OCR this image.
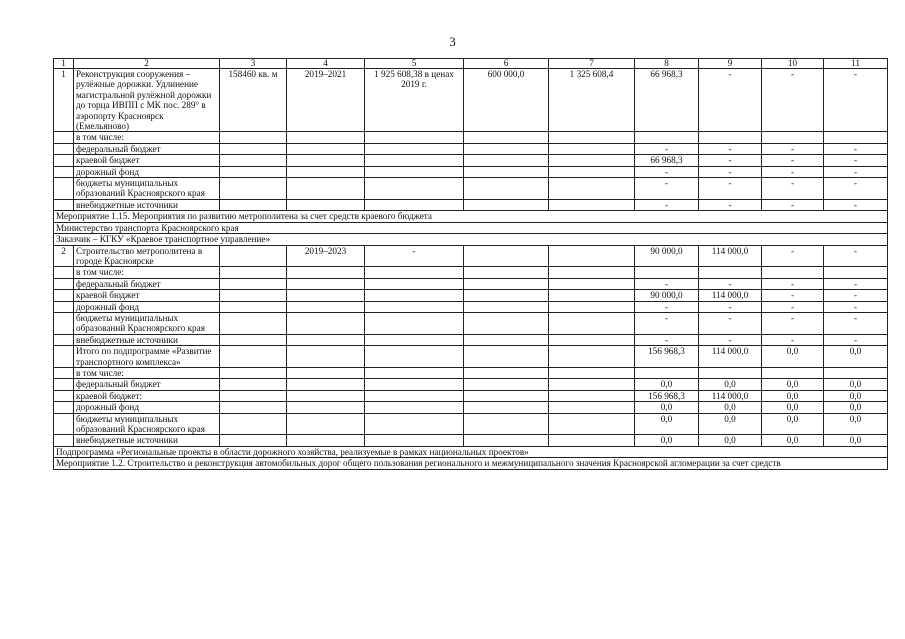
3
1	2	3	4	5	6	7	8	9	10	11
1	Реконструкция сооружения – рулёжные дорожки. Удлинение магистральной рулёжной дорожки до торца ИВПП с МК пос. 289° в аэропорту Красноярск (Емельяново)	158460 кв. м	2019–2021	1 925 608,38 в ценах 2019 г.	600 000,0	1 325 608,4	66 968,3	-	-	-
	в том числе:									
	федеральный бюджет						-	-	-	-
	краевой бюджет						66 968,3	-	-	-
	дорожный фонд						-	-	-	-
	бюджеты муниципальных образований Красноярского края						-	-	-	-
	внебюджетные источники						-	-	-	-
Мероприятие 1.15. Мероприятия по развитию метрополитена за счет средств краевого бюджета										
Министерство транспорта Красноярского края										
Заказчик – КГКУ «Краевое транспортное управление»										
2	Строительство метрополитена в городе Красноярске		2019–2023	-			90 000,0	114 000,0	-	-
	в том числе:									
	федеральный бюджет						-	-	-	-
	краевой бюджет						90 000,0	114 000,0	-	-
	дорожный фонд						-	-	-	-
	бюджеты муниципальных образований Красноярского края						-	-	-	-
	внебюджетные источники						-	-	-	-
	Итого по подпрограмме «Развитие транспортного комплекса»						156 968,3	114 000,0	0,0	0,0
	в том числе:									
	федеральный бюджет						0,0	0,0	0,0	0,0
	краевой бюджет:						156 968,3	114 000,0	0,0	0,0
	дорожный фонд						0,0	0,0	0,0	0,0
	бюджеты муниципальных образований Красноярского края						0,0	0,0	0,0	0,0
	внебюджетные источники						0,0	0,0	0,0	0,0
Подпрограмма «Региональные проекты в области дорожного хозяйства, реализуемые в рамках национальных проектов»										
Мероприятие 1.2. Строительство и реконструкция автомобильных дорог общего пользования регионального и межмуниципального значения Красноярской агломерации за счет средств										
